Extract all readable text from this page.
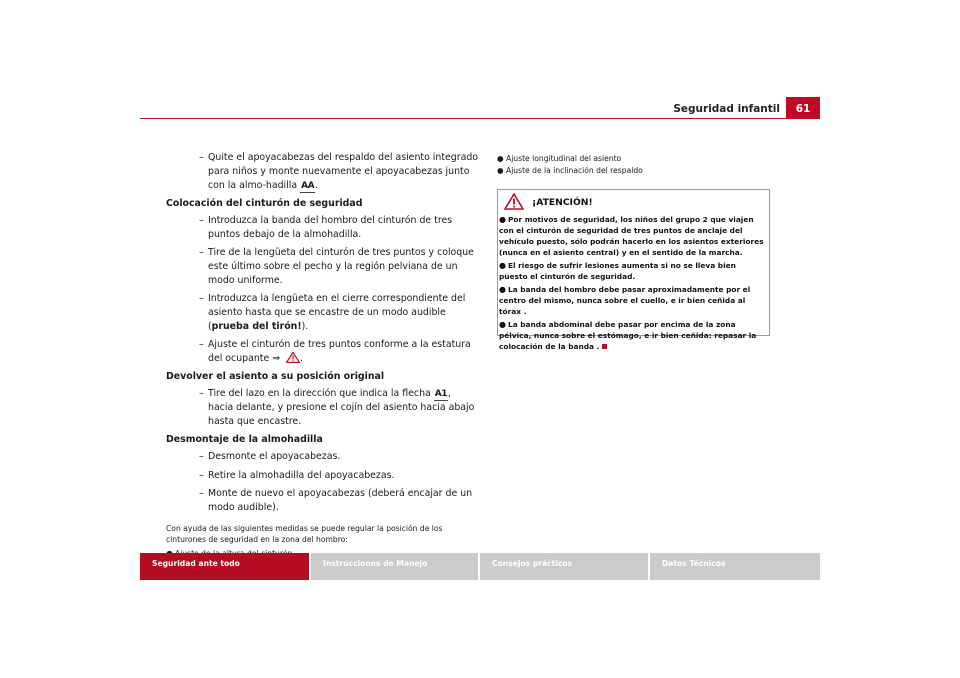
Seguridad infantil	61
– Quite el apoyacabezas del respaldo del asiento integrado para niños y monte nuevamente el apoyacabezas junto con la almo-hadilla AA.
Colocación del cinturón de seguridad
– Introduzca la banda del hombro del cinturón de tres puntos debajo de la almohadilla.
– Tire de la lengüeta del cinturón de tres puntos y coloque este último sobre el pecho y la región pelviana de un modo uniforme.
– Introduzca la lengüeta en el cierre correspondiente del asiento hasta que se encastre de un modo audible (prueba del tirón!).
– Ajuste el cinturón de tres puntos conforme a la estatura del ocupante ⇒ .
Devolver el asiento a su posición original
– Tire del lazo en la dirección que indica la flecha A1, hacia delante, y presione el cojín del asiento hacia abajo hasta que encastre.
Desmontaje de la almohadilla
– Desmonte el apoyacabezas.
– Retire la almohadilla del apoyacabezas.
– Monte de nuevo el apoyacabezas (deberá encajar de un modo audible).
Con ayuda de las siguientes medidas se puede regular la posición de los cinturones de seguridad en la zona del hombro:
● Ajuste longitudinal del asiento
● Ajuste de la inclinación del respaldo
¡ATENCIÓN!
● Por motivos de seguridad, los niños del grupo 2 que viajen con el cinturón de seguridad de tres puntos de anclaje del vehículo puesto, sólo podrán hacerlo en los asientos exteriores (nunca en el asiento central) y en el sentido de la marcha.
● El riesgo de sufrir lesiones aumenta si no se lleva bien puesto el cinturón de seguridad.
● La banda del hombro debe pasar aproximadamente por el centro del mismo, nunca sobre el cuello, e ir bien ceñida al tórax .
● La banda abdominal debe pasar por encima de la zona pélvica, nunca sobre el estómago, e ir bien ceñida: repasar la colocación de la banda .
Seguridad ante todo	Instrucciones de Manejo	Consejos prácticos	Datos Técnicos
